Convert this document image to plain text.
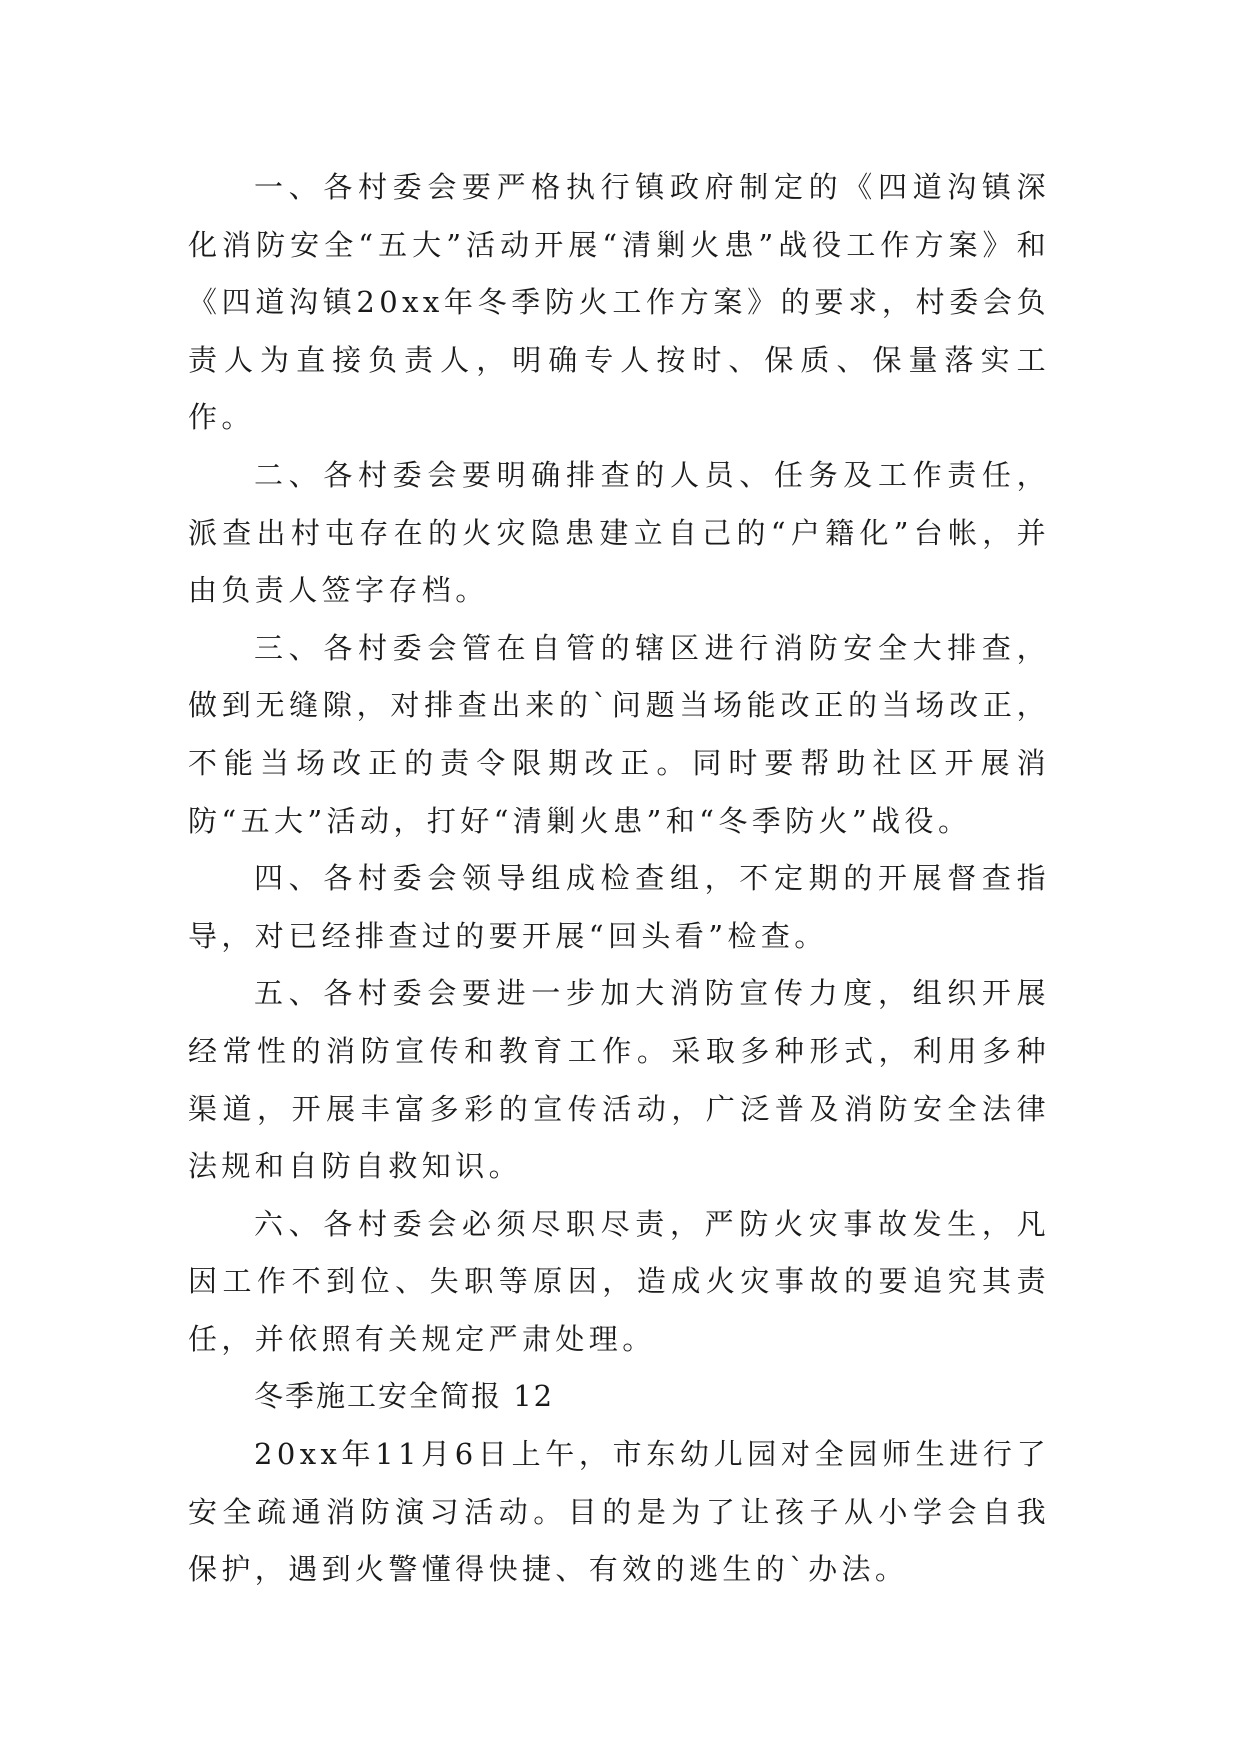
一、各村委会要严格执行镇政府制定的《四道沟镇深化消防安全“五大”活动开展“清剿火患”战役工作方案》和《四道沟镇20xx年冬季防火工作方案》的要求，村委会负责人为直接负责人，明确专人按时、保质、保量落实工作。

二、各村委会要明确排查的人员、任务及工作责任，派查出村屯存在的火灾隐患建立自己的“户籍化”台帐，并由负责人签字存档。

三、各村委会管在自管的辖区进行消防安全大排查，做到无缝隙，对排查出来的`问题当场能改正的当场改正，不能当场改正的责令限期改正。同时要帮助社区开展消防“五大”活动，打好“清剿火患”和“冬季防火”战役。

四、各村委会领导组成检查组，不定期的开展督查指导，对已经排查过的要开展“回头看”检查。

五、各村委会要进一步加大消防宣传力度，组织开展经常性的消防宣传和教育工作。采取多种形式，利用多种渠道，开展丰富多彩的宣传活动，广泛普及消防安全法律法规和自防自救知识。

六、各村委会必须尽职尽责，严防火灾事故发生，凡因工作不到位、失职等原因，造成火灾事故的要追究其责任，并依照有关规定严肃处理。

冬季施工安全简报 12

20xx年11月6日上午，市东幼儿园对全园师生进行了安全疏通消防演习活动。目的是为了让孩子从小学会自我保护，遇到火警懂得快捷、有效的逃生的`办法。
